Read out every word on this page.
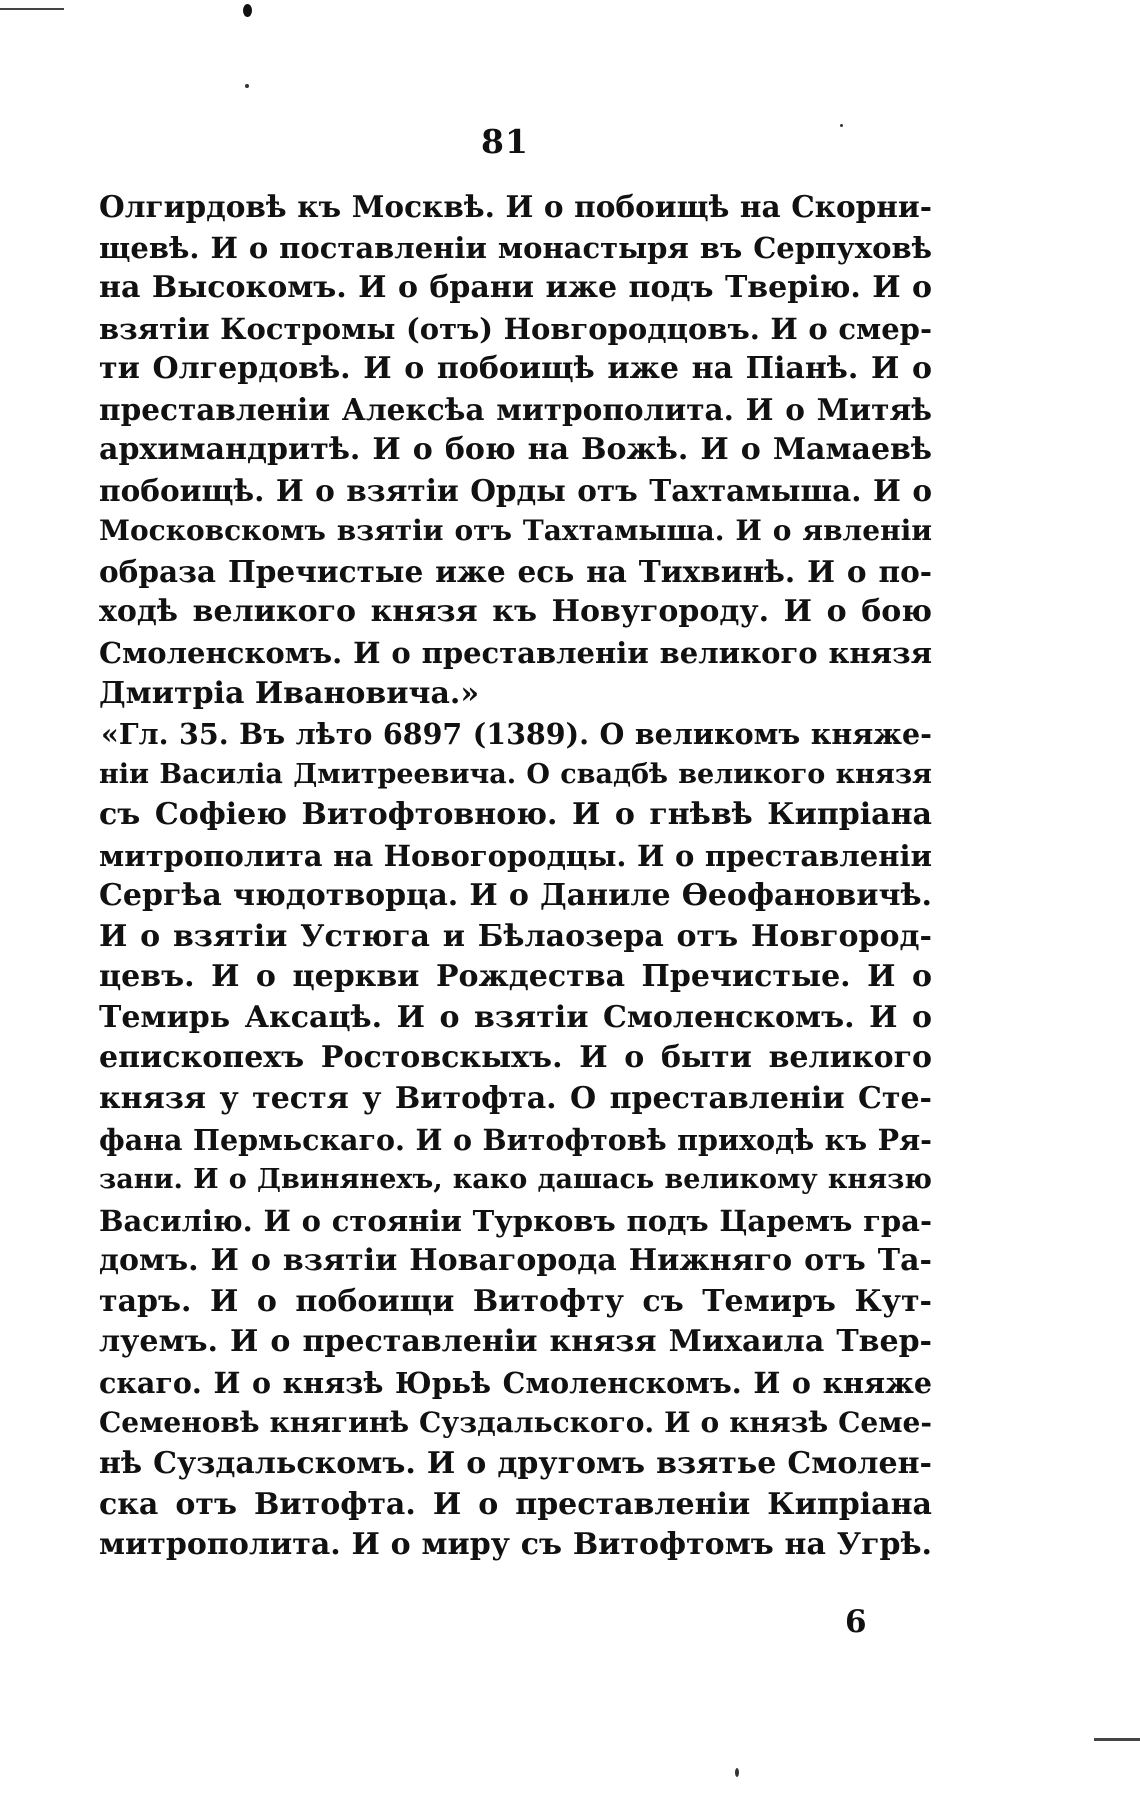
81
Олгирдовѣ къ Москвѣ. И о побоищѣ на Скорни-
щевѣ. И о поставленіи монастыря въ Серпуховѣ
на Высокомъ. И о брани иже подъ Тверію. И о
взятіи Костромы (отъ) Новгородцовъ. И о смер-
ти Олгердовѣ. И о побоищѣ иже на Піанѣ. И о
преставленіи Алексѣа митрополита. И о Митяѣ
архимандритѣ. И о бою на Вожѣ. И о Мамаевѣ
побоищѣ. И о взятіи Орды отъ Тахтамыша. И о
Московскомъ взятіи отъ Тахтамыша. И о явленіи
образа Пречистые иже есь на Тихвинѣ. И о по-
ходѣ великого князя къ Новугороду. И о бою
Смоленскомъ. И о преставленіи великого князя
Дмитріа Ивановича.»
«Гл. 35. Въ лѣто 6897 (1389). О великомъ княже-
ніи Василіа Дмитреевича. О свадбѣ великого князя
съ Софіею Витофтовною. И о гнѣвѣ Кипріана
митрополита на Новогородцы. И о преставленіи
Сергѣа чюдотворца. И о Даниле Ѳеофановичѣ.
И о взятіи Устюга и Бѣлаозера отъ Новгород-
цевъ. И о церкви Рождества Пречистые. И о
Темирь Аксацѣ. И о взятіи Смоленскомъ. И о
епископехъ Ростовскыхъ. И о быти великого
князя у тестя у Витофта. О преставленіи Сте-
фана Пермьскаго. И о Витофтовѣ приходѣ къ Ря-
зани. И о Двинянехъ, како дашась великому князю
Василію. И о стояніи Турковъ подъ Царемъ гра-
домъ. И о взятіи Новагорода Нижняго отъ Та-
таръ. И о побоищи Витофту съ Темиръ Кут-
луемъ. И о преставленіи князя Михаила Твер-
скаго. И о князѣ Юрьѣ Смоленскомъ. И о княже
Семеновѣ княгинѣ Суздальского. И о князѣ Семе-
нѣ Суздальскомъ. И о другомъ взятье Смолен-
ска отъ Витофта. И о преставленіи Кипріана
митрополита. И о миру съ Витофтомъ на Угрѣ.
6
